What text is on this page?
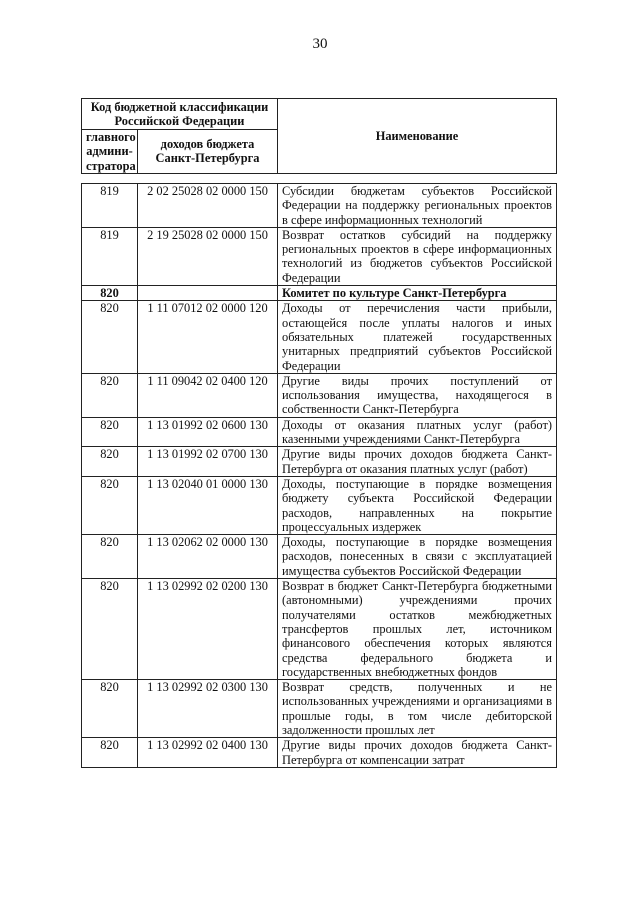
30
Код бюджетной классификации Российской Федерации		Наименование
главного админи-стратора	доходов бюджета Санкт-Петербурга	
819	2 02 25028 02 0000 150	Субсидии бюджетам субъектов Российской Федерации на поддержку региональных проектов в сфере информационных технологий
819	2 19 25028 02 0000 150	Возврат остатков субсидий на поддержку региональных проектов в сфере информационных технологий из бюджетов субъектов Российской Федерации
820		Комитет по культуре Санкт-Петербурга
820	1 11 07012 02 0000 120	Доходы от перечисления части прибыли, остающейся после уплаты налогов и иных обязательных платежей государственных унитарных предприятий субъектов Российской Федерации
820	1 11 09042 02 0400 120	Другие виды прочих поступлений от использования имущества, находящегося в собственности Санкт-Петербурга
820	1 13 01992 02 0600 130	Доходы от оказания платных услуг (работ) казенными учреждениями Санкт-Петербурга
820	1 13 01992 02 0700 130	Другие виды прочих доходов бюджета Санкт-Петербурга от оказания платных услуг (работ)
820	1 13 02040 01 0000 130	Доходы, поступающие в порядке возмещения бюджету субъекта Российской Федерации расходов, направленных на покрытие процессуальных издержек
820	1 13 02062 02 0000 130	Доходы, поступающие в порядке возмещения расходов, понесенных в связи с эксплуатацией имущества субъектов Российской Федерации
820	1 13 02992 02 0200 130	Возврат в бюджет Санкт-Петербурга бюджетными (автономными) учреждениями прочих получателями остатков межбюджетных трансфертов прошлых лет, источником финансового обеспечения которых являются средства федерального бюджета и государственных внебюджетных фондов
820	1 13 02992 02 0300 130	Возврат средств, полученных и не использованных учреждениями и организациями в прошлые годы, в том числе дебиторской задолженности прошлых лет
820	1 13 02992 02 0400 130	Другие виды прочих доходов бюджета Санкт-Петербурга от компенсации затрат
